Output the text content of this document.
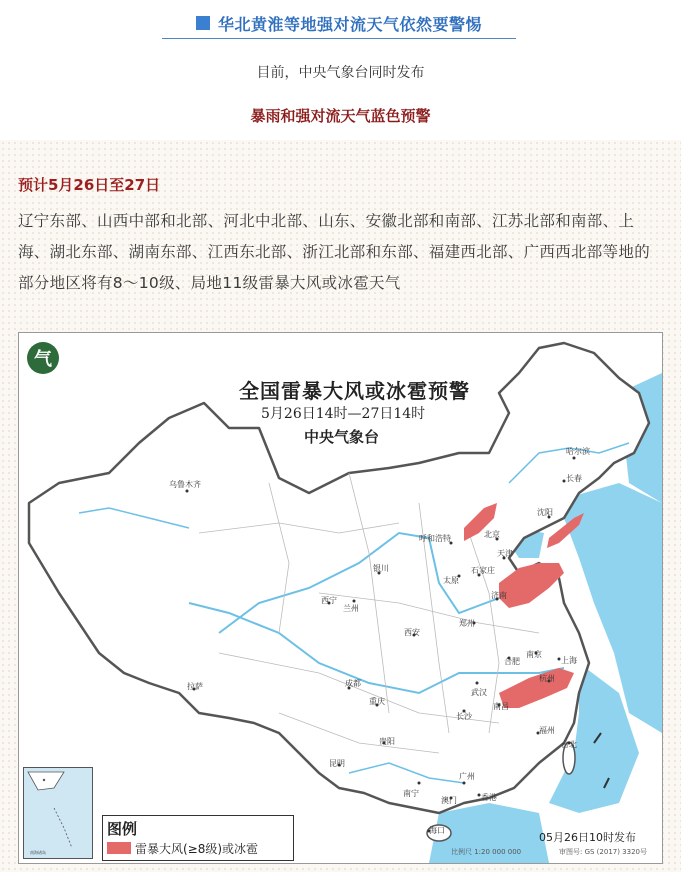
华北黄淮等地强对流天气依然要警惕
目前，中央气象台同时发布
暴雨和强对流天气蓝色预警
预计5月26日至27日
辽宁东部、山西中部和北部、河北中北部、山东、安徽北部和南部、江苏北部和南部、上海、湖北东部、湖南东部、江西东北部、浙江北部和东部、福建西北部、广西西北部等地的部分地区将有8～10级、局地11级雷暴大风或冰雹天气
气
全国雷暴大风或冰雹预警
5月26日14时—27日14时
中央气象台
乌鲁木齐
哈尔滨
长春
沈阳
呼和浩特	北京
天津
石家庄
太原
济南
银川
西宁
兰州
郑州
西安
合肥
南京
上海
武汉
杭州
成都
拉萨
重庆
长沙
南昌
福州
台北
贵阳
昆明
南宁
广州
香港
澳门
海口
南海诸岛
图例
雷暴大风(≥8级)或冰雹
05月26日10时发布
比例尺 1:20 000 000	审图号: GS (2017) 3320号
